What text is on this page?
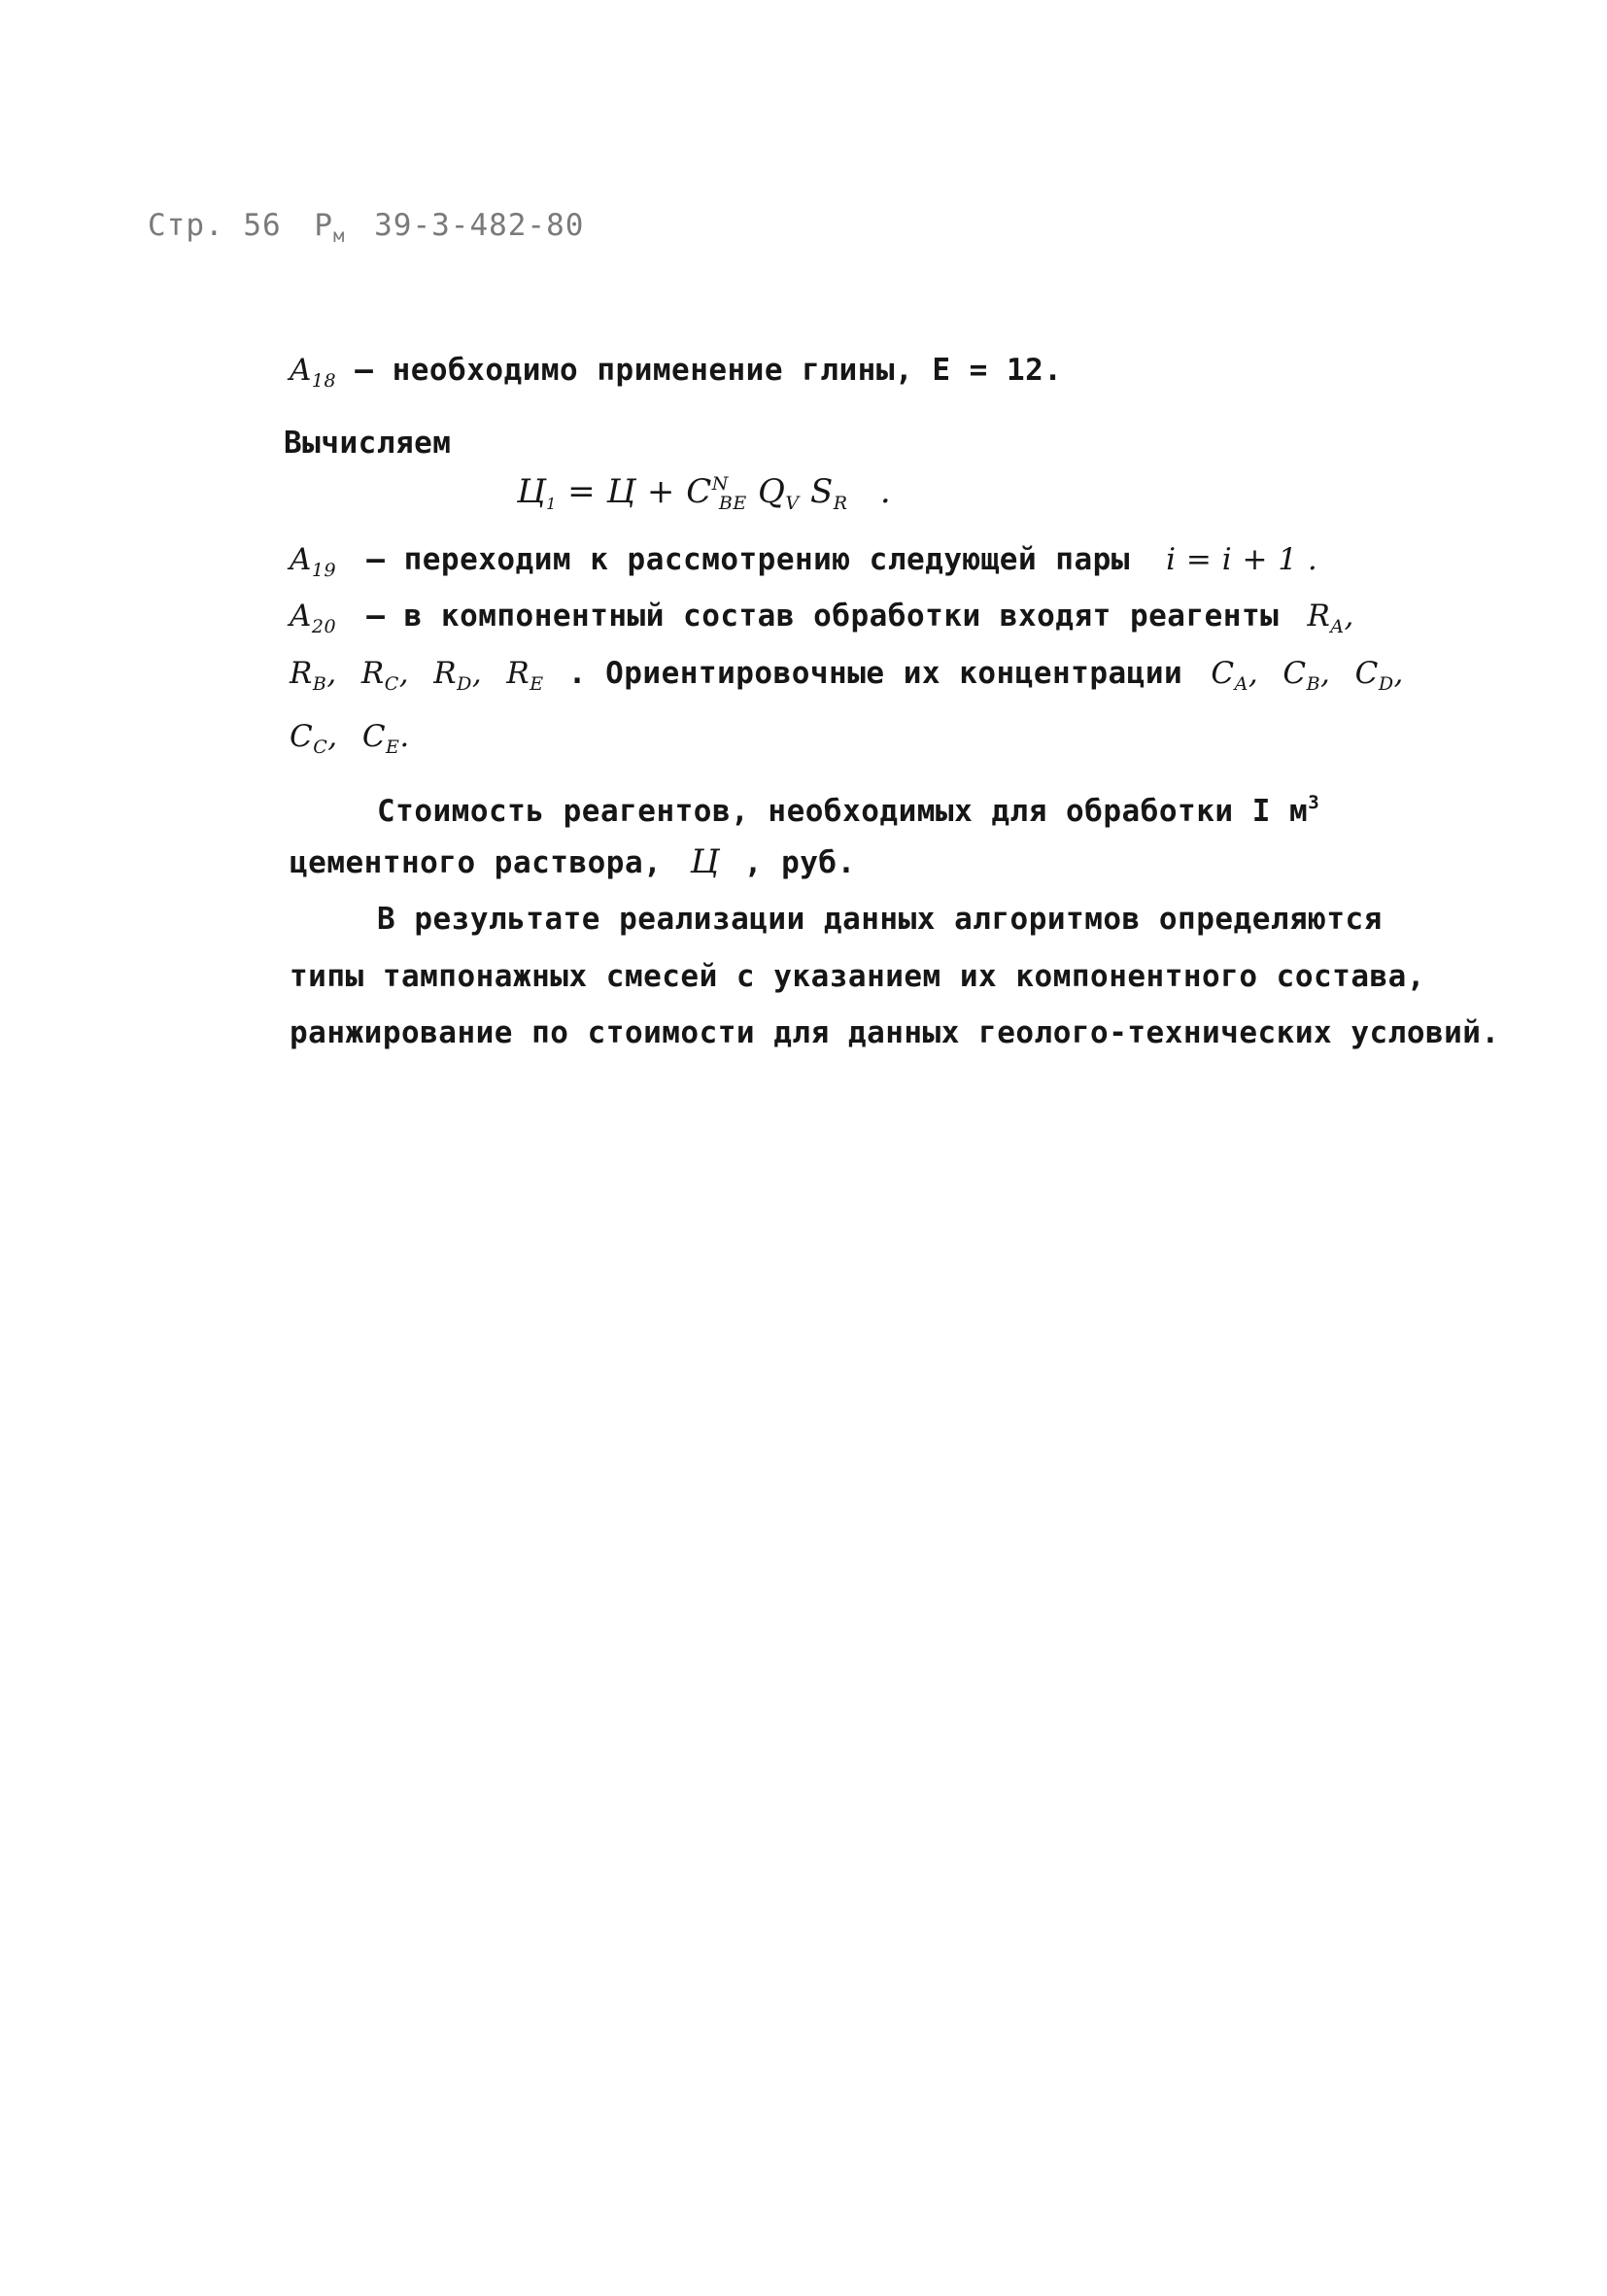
Стр. 56 $Р_м$ 39-3-482-80
$A_{18}$ – необходимо применение глины, Е = 12.
Вычисляем
$Ц_1 = Ц + C^N_{BE}$ $Q_V$ $S_R$ .
$A_{19}$ – переходим к рассмотрению следующей пары i = i + 1 .
$A_{20}$ – в компонентный состав обработки входят реагенты $R_A$,
$R_B$, $R_C$, $R_D$, $R_E$ . Ориентировочные их концентрации $C_A$, $C_B$, $C_D$,
$C_C$, $C_E$.
Стоимость реагентов, необходимых для обработки I $м^3$
цементного раствора, Ц , руб.
В результате реализации данных алгоритмов определяются
типы тампонажных смесей с указанием их компонентного состава,
ранжирование по стоимости для данных геолого-технических условий.
